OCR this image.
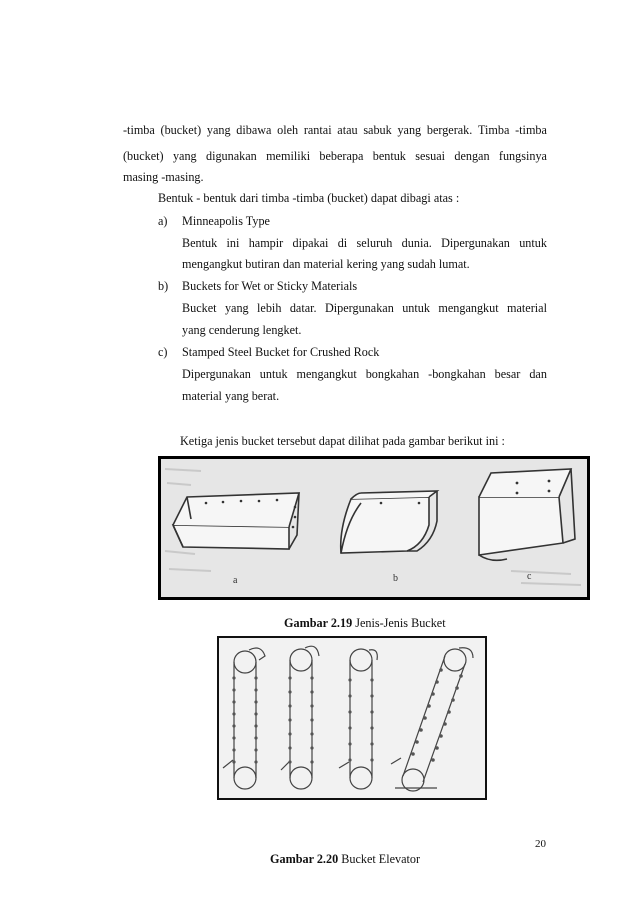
-timba (bucket) yang dibawa oleh rantai atau sabuk yang bergerak. Timba -timba
(bucket) yang digunakan memiliki beberapa bentuk sesuai dengan fungsinya
masing -masing.
Bentuk - bentuk dari timba -timba (bucket) dapat dibagi atas :
a) Minneapolis Type
Bentuk ini hampir dipakai di seluruh dunia. Dipergunakan untuk
mengangkut butiran dan material kering yang sudah lumat.
b) Buckets for Wet or Sticky Materials
Bucket yang lebih datar. Dipergunakan untuk mengangkut material
yang cenderung lengket.
c) Stamped Steel Bucket for Crushed Rock
Dipergunakan untuk mengangkut bongkahan -bongkahan besar dan
material yang berat.
Ketiga jenis bucket tersebut dapat dilihat pada gambar berikut ini :
a	b	c
Gambar 2.19 Jenis-Jenis Bucket
20
Gambar 2.20 Bucket Elevator
